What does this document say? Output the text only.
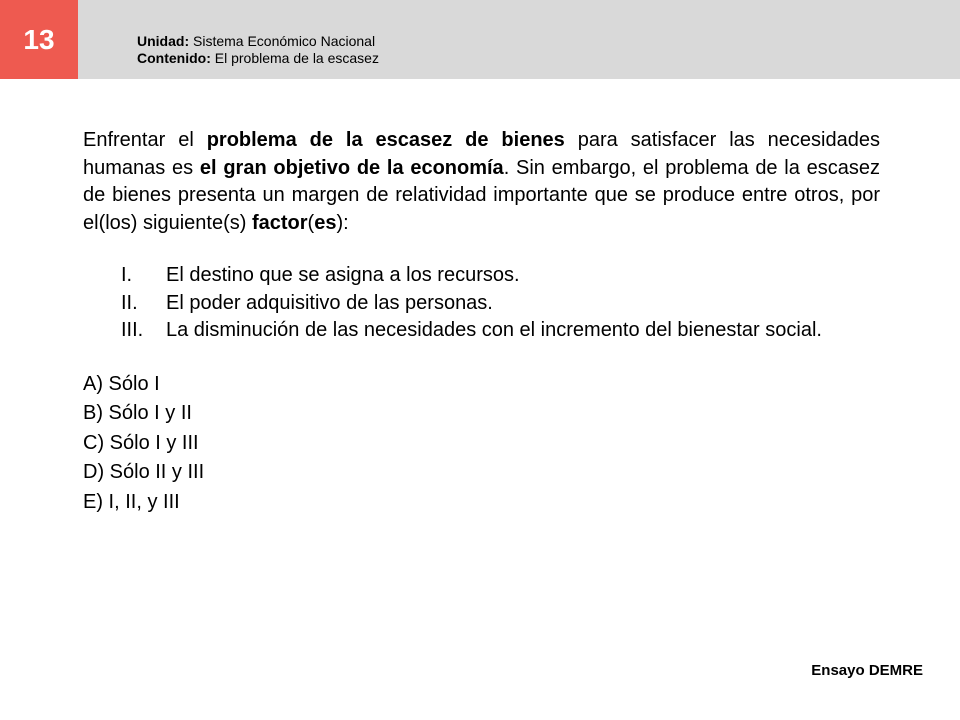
13	Unidad: Sistema Económico Nacional
Contenido: El problema de la escasez

Enfrentar el problema de la escasez de bienes para satisfacer las necesidades humanas es el gran objetivo de la economía. Sin embargo, el problema de la escasez de bienes presenta un margen de relatividad importante que se produce entre otros, por el(los) siguiente(s) factor(es):

I.	El destino que se asigna a los recursos.
II.	El poder adquisitivo de las personas.
III.	La disminución de las necesidades con el incremento del bienestar social.
A) Sólo I
B) Sólo I y II
C) Sólo I y III
D) Sólo II y III
E) I, II, y III
Ensayo DEMRE
